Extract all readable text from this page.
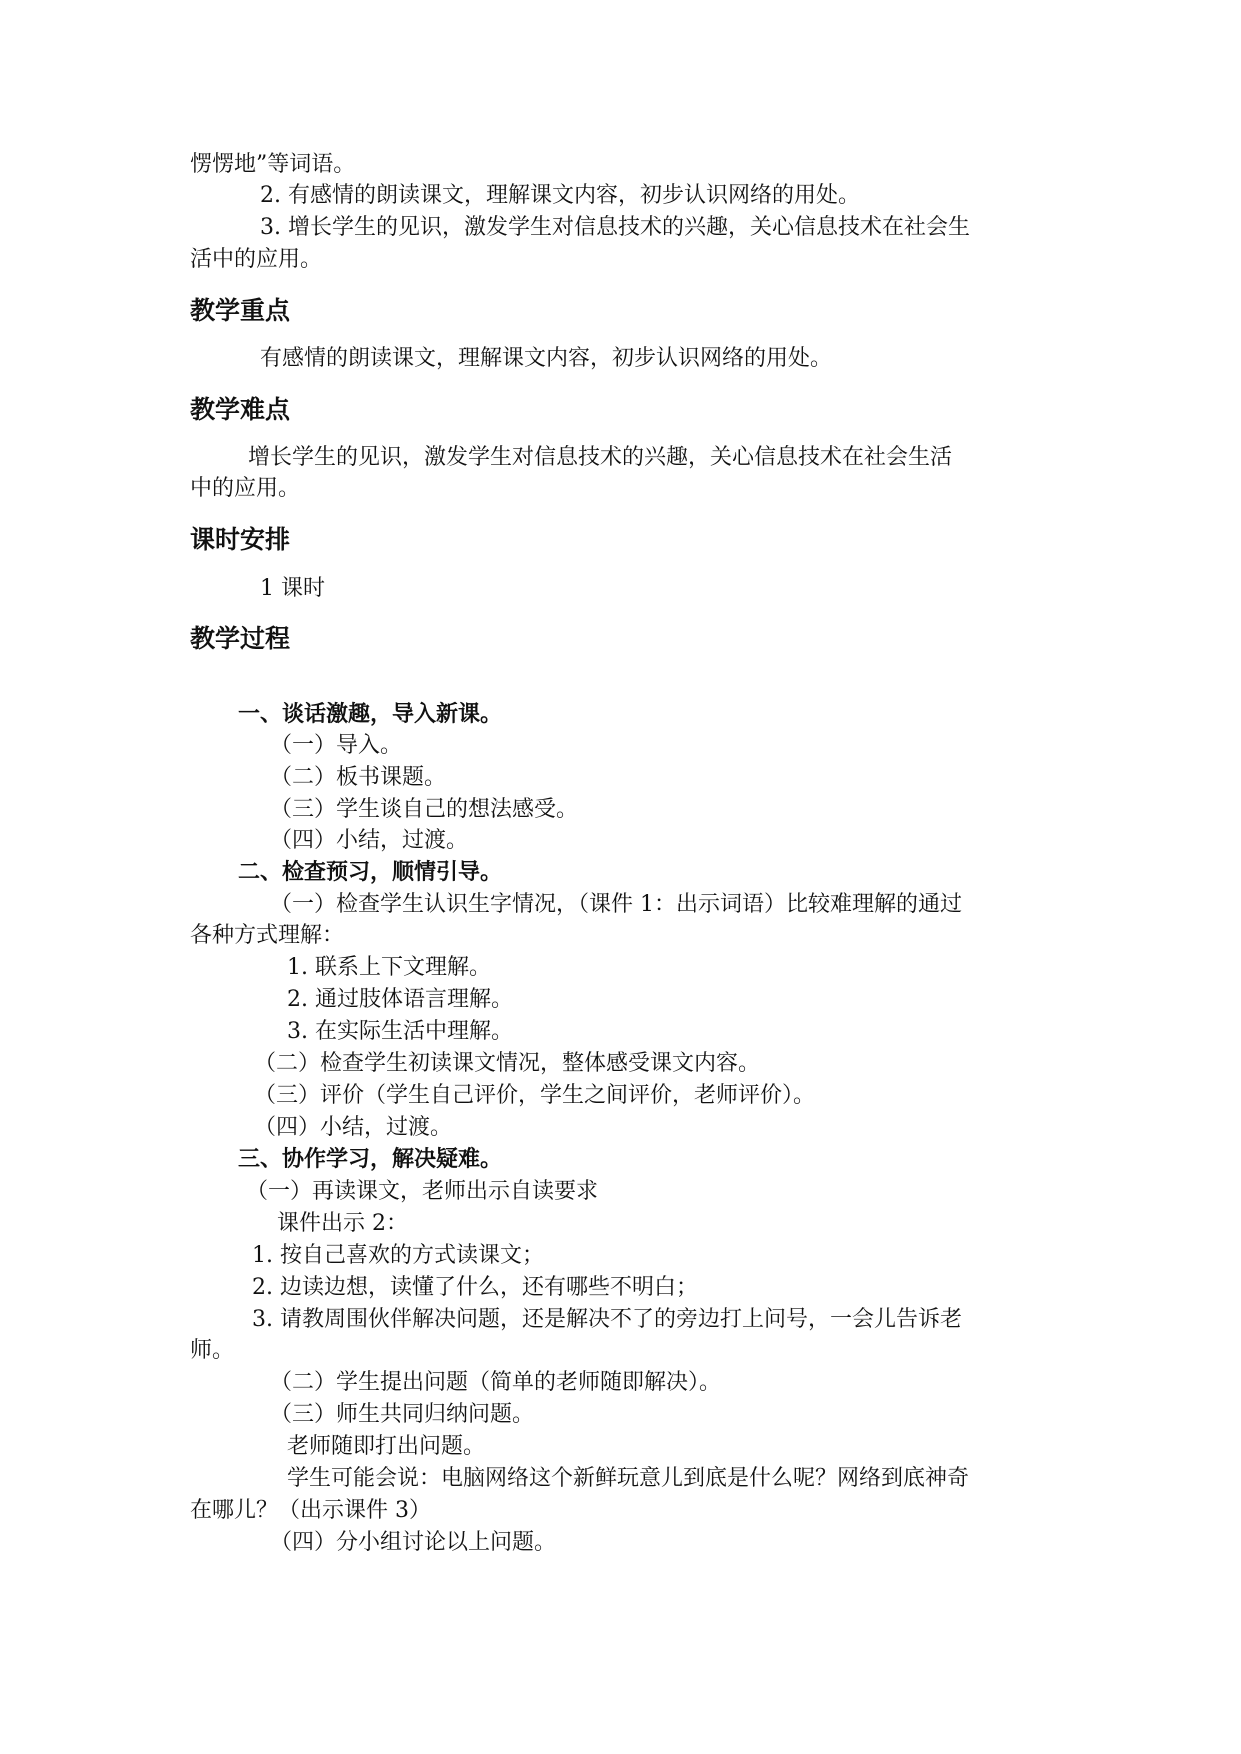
愣愣地”等词语。
2. 有感情的朗读课文，理解课文内容，初步认识网络的用处。
3. 增长学生的见识，激发学生对信息技术的兴趣，关心信息技术在社会生
活中的应用。
教学重点
有感情的朗读课文，理解课文内容，初步认识网络的用处。
教学难点
增长学生的见识，激发学生对信息技术的兴趣，关心信息技术在社会生活
中的应用。
课时安排
1 课时
教学过程
一、谈话激趣，导入新课。
（一）导入。
（二）板书课题。
（三）学生谈自己的想法感受。
（四）小结，过渡。
二、检查预习，顺情引导。
（一）检查学生认识生字情况，（课件 1：出示词语）比较难理解的通过
各种方式理解：
1. 联系上下文理解。
2. 通过肢体语言理解。
3. 在实际生活中理解。
（二）检查学生初读课文情况，整体感受课文内容。
（三）评价（学生自己评价，学生之间评价，老师评价）。
（四）小结，过渡。
三、协作学习，解决疑难。
（一）再读课文，老师出示自读要求
课件出示 2：
1. 按自己喜欢的方式读课文；
2. 边读边想，读懂了什么，还有哪些不明白；
3. 请教周围伙伴解决问题，还是解决不了的旁边打上问号，一会儿告诉老
师。
（二）学生提出问题（简单的老师随即解决）。
（三）师生共同归纳问题。
老师随即打出问题。
学生可能会说：电脑网络这个新鲜玩意儿到底是什么呢？网络到底神奇
在哪儿？（出示课件 3）
（四）分小组讨论以上问题。
